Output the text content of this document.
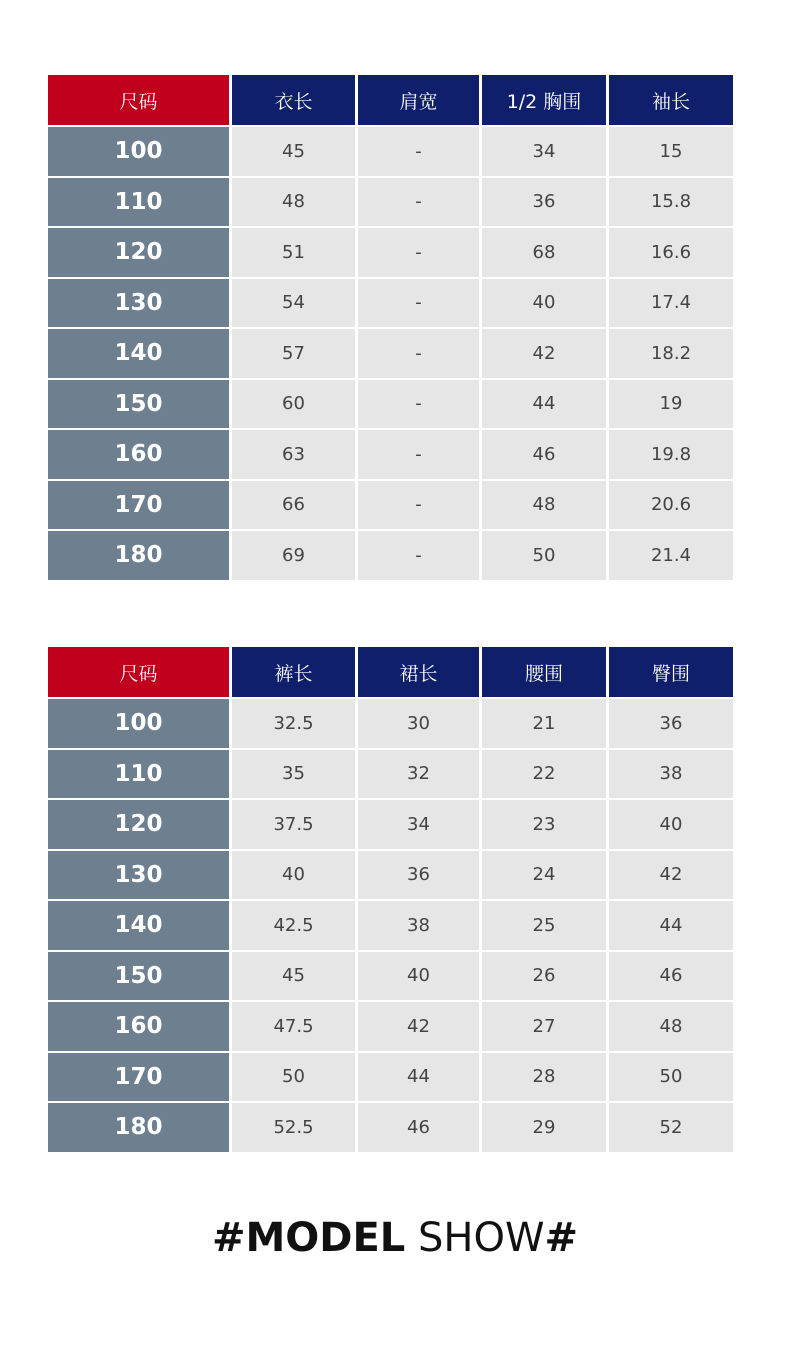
尺码	衣长	肩宽	1/2 胸围	袖长
100	45	-	34	15
110	48	-	36	15.8
120	51	-	68	16.6
130	54	-	40	17.4
140	57	-	42	18.2
150	60	-	44	19
160	63	-	46	19.8
170	66	-	48	20.6
180	69	-	50	21.4
尺码	裤长	裙长	腰围	臀围
100	32.5	30	21	36
110	35	32	22	38
120	37.5	34	23	40
130	40	36	24	42
140	42.5	38	25	44
150	45	40	26	46
160	47.5	42	27	48
170	50	44	28	50
180	52.5	46	29	52
#MODEL SHOW#
